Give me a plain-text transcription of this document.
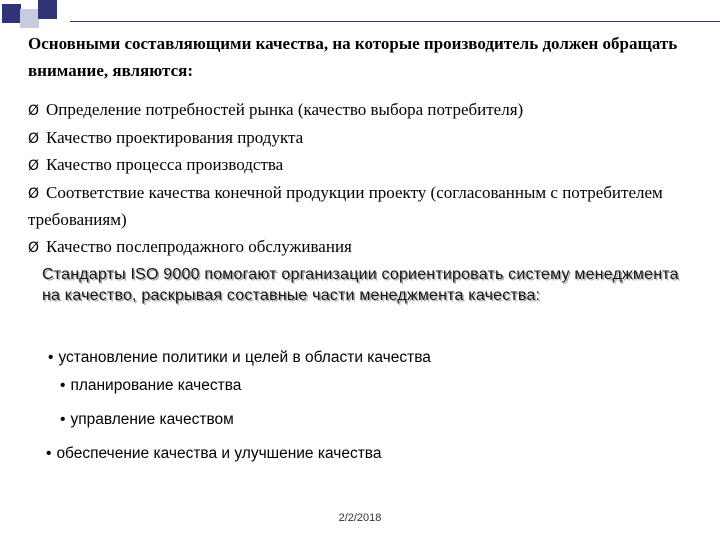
Основными составляющими качества, на которые производитель должен обращать внимание, являются:

Ø Определение потребностей рынка (качество выбора потребителя)
Ø Качество проектирования продукта
Ø Качество процесса производства
Ø Соответствие качества конечной продукции проекту (согласованным с потребителем требованиям)
Ø Качество послепродажного обслуживания

Стандарты ISO 9000 помогают организации сориентировать систему менеджмента на качество, раскрывая составные части менеджмента качества:

• установление политики и целей в области качества

• планирование качества

• управление качеством

• обеспечение качества и улучшение качества

2/2/2018
